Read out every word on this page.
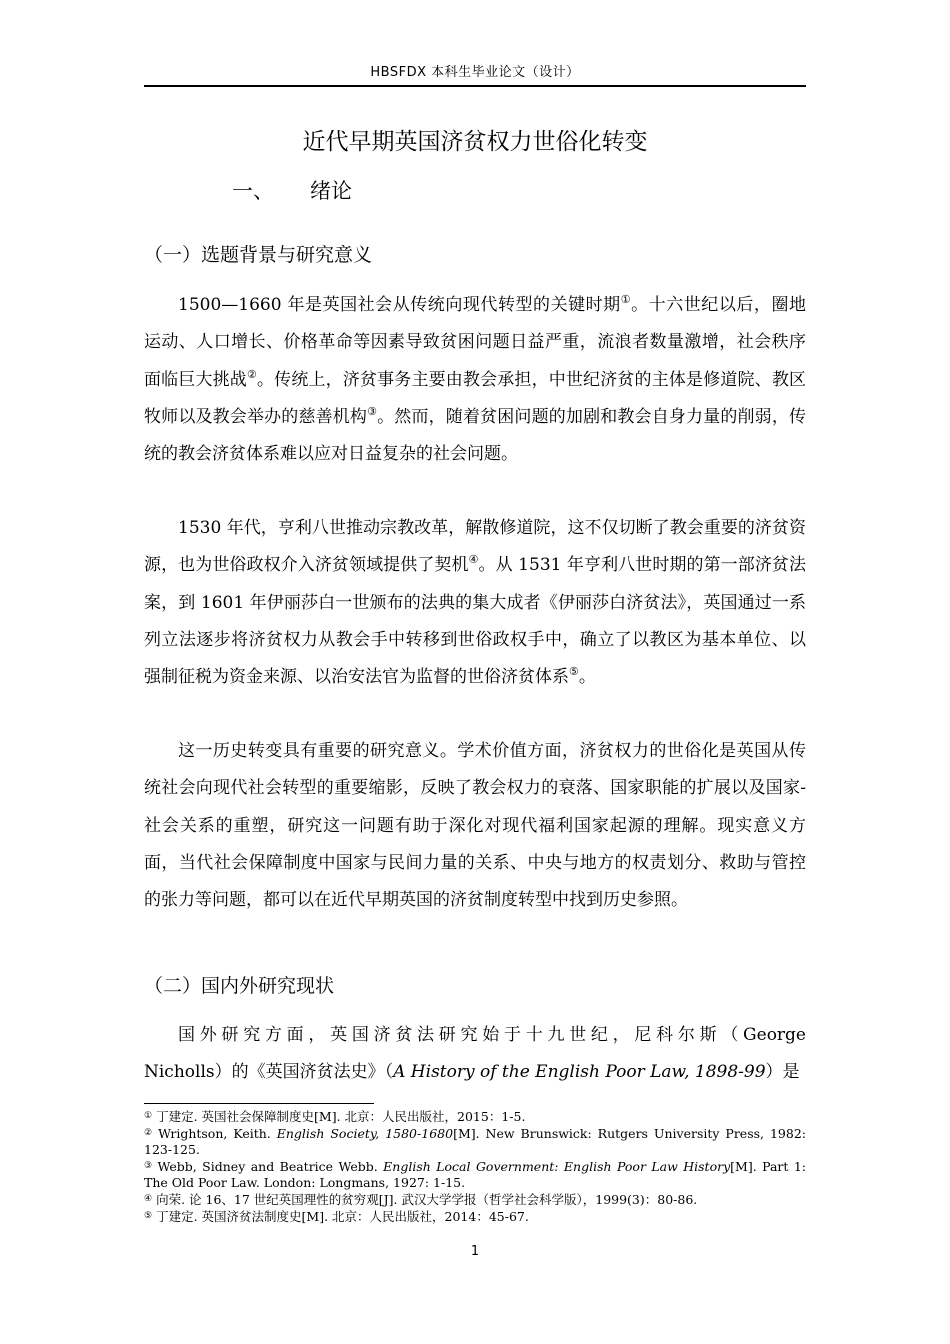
HBSFDX 本科生毕业论文（设计）
近代早期英国济贫权力世俗化转变
一、 绪论
（一）选题背景与研究意义

1500—1660 年是英国社会从传统向现代转型的关键时期①。十六世纪以后，圈地运动、人口增长、价格革命等因素导致贫困问题日益严重，流浪者数量激增，社会秩序面临巨大挑战②。传统上，济贫事务主要由教会承担，中世纪济贫的主体是修道院、教区牧师以及教会举办的慈善机构③。然而，随着贫困问题的加剧和教会自身力量的削弱，传统的教会济贫体系难以应对日益复杂的社会问题。

1530 年代，亨利八世推动宗教改革，解散修道院，这不仅切断了教会重要的济贫资源，也为世俗政权介入济贫领域提供了契机④。从 1531 年亨利八世时期的第一部济贫法案，到 1601 年伊丽莎白一世颁布的法典的集大成者《伊丽莎白济贫法》，英国通过一系列立法逐步将济贫权力从教会手中转移到世俗政权手中，确立了以教区为基本单位、以强制征税为资金来源、以治安法官为监督的世俗济贫体系⑤。

这一历史转变具有重要的研究意义。学术价值方面，济贫权力的世俗化是英国从传统社会向现代社会转型的重要缩影，反映了教会权力的衰落、国家职能的扩展以及国家-社会关系的重塑，研究这一问题有助于深化对现代福利国家起源的理解。现实意义方面，当代社会保障制度中国家与民间力量的关系、中央与地方的权责划分、救助与管控的张力等问题，都可以在近代早期英国的济贫制度转型中找到历史参照。

（二）国内外研究现状

国外研究方面，英国济贫法研究始于十九世纪，尼科尔斯（George Nicholls）的《英国济贫法史》（A History of the English Poor Law, 1898-99）是

① 丁建定. 英国社会保障制度史[M]. 北京：人民出版社，2015：1-5.
② Wrightson, Keith. English Society, 1580-1680[M]. New Brunswick: Rutgers University Press, 1982: 123-125.
③ Webb, Sidney and Beatrice Webb. English Local Government: English Poor Law History[M]. Part 1: The Old Poor Law. London: Longmans, 1927: 1-15.
④ 向荣. 论 16、17 世纪英国理性的贫穷观[J]. 武汉大学学报（哲学社会科学版），1999(3)：80-86.
⑤ 丁建定. 英国济贫法制度史[M]. 北京：人民出版社，2014：45-67.
1
